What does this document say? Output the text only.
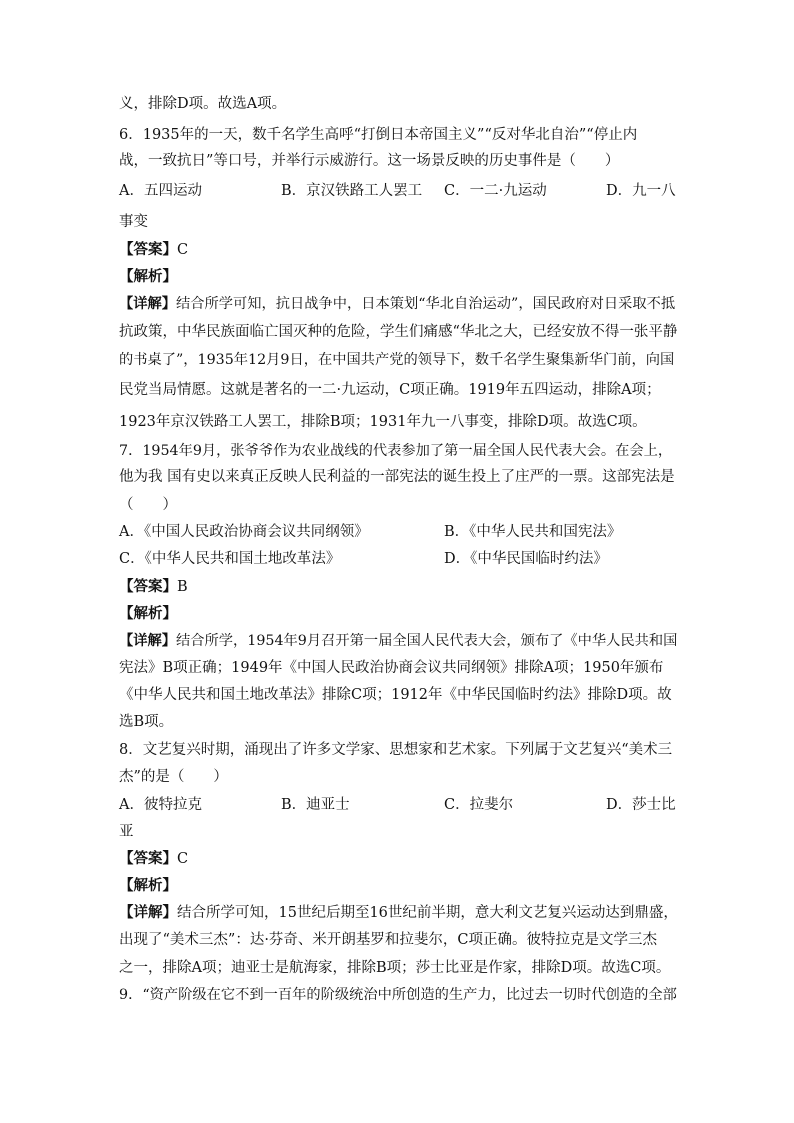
义，排除D项。故选A项。
6．1935年的一天，数千名学生高呼“打倒日本帝国主义”“反对华北自治”“停止内
战，一致抗日”等口号，并举行示威游行。这一场景反映的历史事件是（　　）
A．五四运动	B．京汉铁路工人罢工 C．一二·九运动	D．九一八
事变
【答案】C
【解析】
【详解】结合所学可知，抗日战争中，日本策划“华北自治运动”，国民政府对日采取不抵
抗政策，中华民族面临亡国灭种的危险，学生们痛感“华北之大，已经安放不得一张平静
的书桌了”，1935年12月9日，在中国共产党的领导下，数千名学生聚集新华门前，向国
民党当局情愿。这就是著名的一二·九运动，C项正确。1919年五四运动，排除A项；
1923年京汉铁路工人罢工，排除B项；1931年九一八事变，排除D项。故选C项。
7．1954年9月，张爷爷作为农业战线的代表参加了第一届全国人民代表大会。在会上，
他为我 国有史以来真正反映人民利益的一部宪法的诞生投上了庄严的一票。这部宪法是
（　　）
A．《中国人民政治协商会议共同纲领》	B．《中华人民共和国宪法》
C．《中华人民共和国土地改革法》	D．《中华民国临时约法》
【答案】B
【解析】
【详解】结合所学，1954年9月召开第一届全国人民代表大会，颁布了《中华人民共和国
宪法》B项正确；1949年《中国人民政治协商会议共同纲领》排除A项；1950年颁布
《中华人民共和国土地改革法》排除C项；1912年《中华民国临时约法》排除D项。故
选B项。
8．文艺复兴时期，涌现出了许多文学家、思想家和艺术家。下列属于文艺复兴“美术三
杰”的是（　　）
A．彼特拉克	B．迪亚士	C．拉斐尔	D．莎士比
亚
【答案】C
【解析】
【详解】结合所学可知，15世纪后期至16世纪前半期，意大利文艺复兴运动达到鼎盛，
出现了“美术三杰”：达·芬奇、米开朗基罗和拉斐尔，C项正确。彼特拉克是文学三杰
之一，排除A项；迪亚士是航海家，排除B项；莎士比亚是作家，排除D项。故选C项。
9．“资产阶级在它不到一百年的阶级统治中所创造的生产力，比过去一切时代创造的全部
